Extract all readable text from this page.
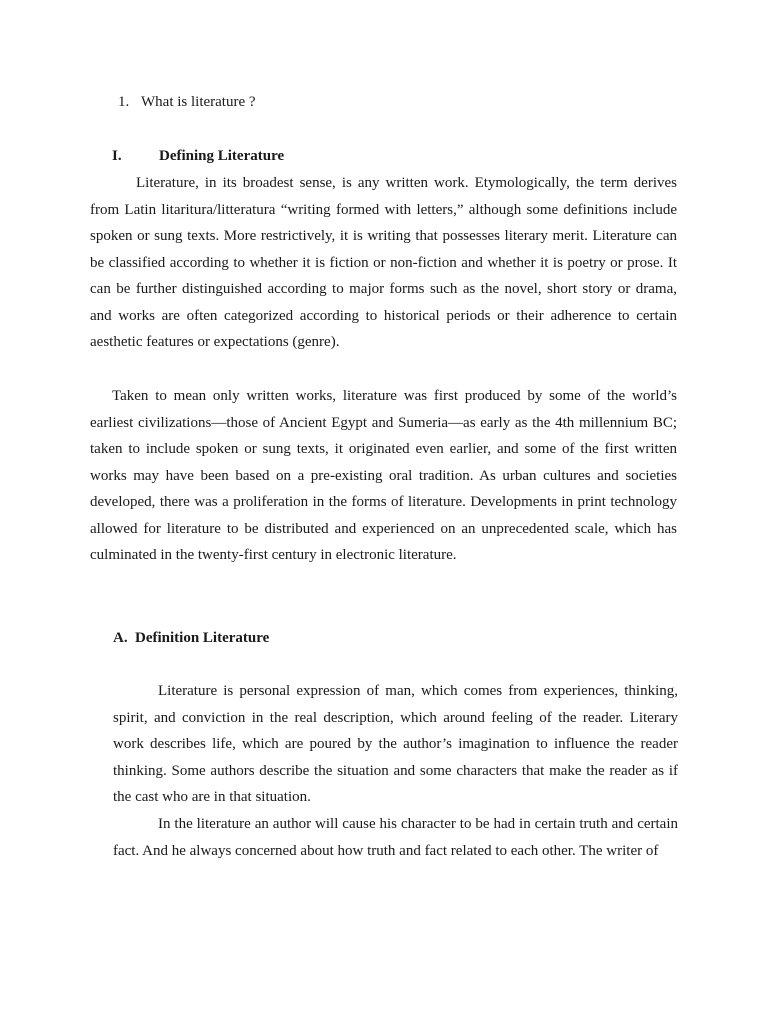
1. What is literature ?
I. Defining Literature

Literature, in its broadest sense, is any written work. Etymologically, the term derives from Latin litaritura/litteratura “writing formed with letters,” although some definitions include spoken or sung texts. More restrictively, it is writing that possesses literary merit. Literature can be classified according to whether it is fiction or non-fiction and whether it is poetry or prose. It can be further distinguished according to major forms such as the novel, short story or drama, and works are often categorized according to historical periods or their adherence to certain aesthetic features or expectations (genre).

Taken to mean only written works, literature was first produced by some of the world’s earliest civilizations—those of Ancient Egypt and Sumeria—as early as the 4th millennium BC; taken to include spoken or sung texts, it originated even earlier, and some of the first written works may have been based on a pre-existing oral tradition. As urban cultures and societies developed, there was a proliferation in the forms of literature. Developments in print technology allowed for literature to be distributed and experienced on an unprecedented scale, which has culminated in the twenty-first century in electronic literature.

A. Definition Literature

Literature is personal expression of man, which comes from experiences, thinking, spirit, and conviction in the real description, which around feeling of the reader. Literary work describes life, which are poured by the author’s imagination to influence the reader thinking. Some authors describe the situation and some characters that make the reader as if the cast who are in that situation.

In the literature an author will cause his character to be had in certain truth and certain fact. And he always concerned about how truth and fact related to each other. The writer of
